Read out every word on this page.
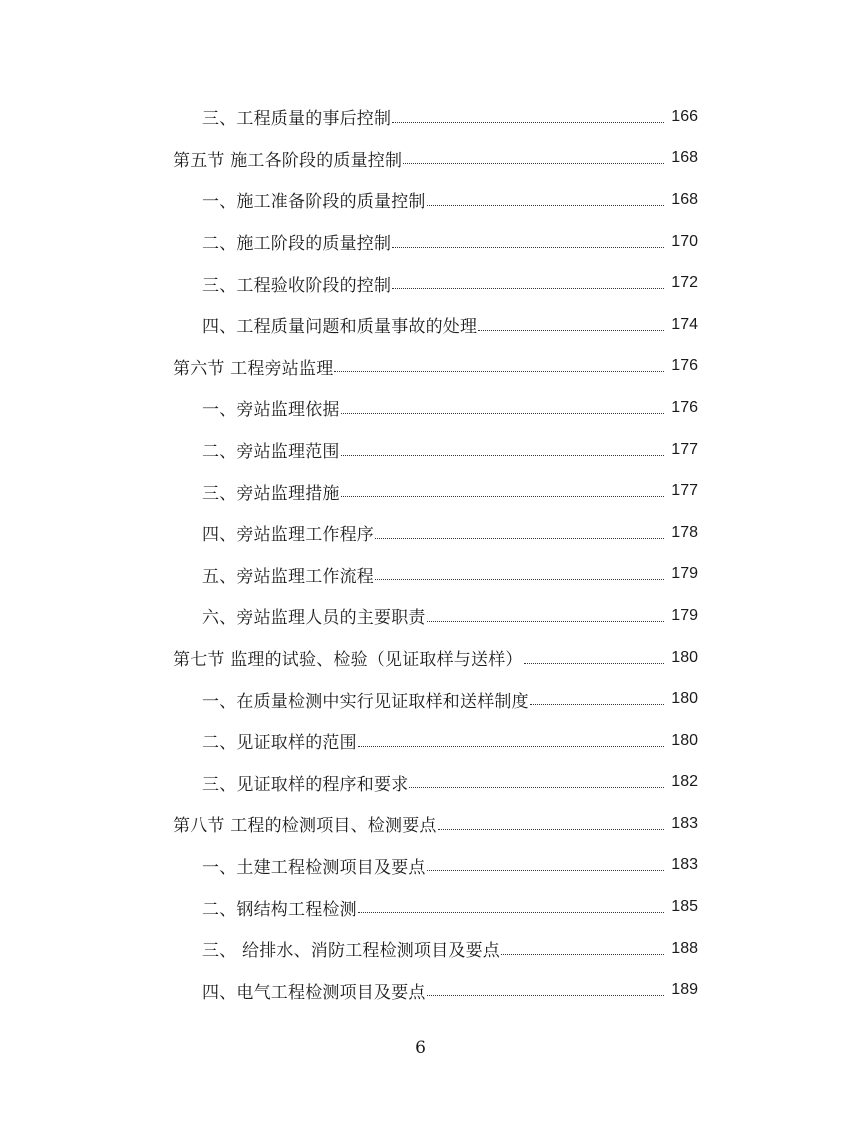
三、工程质量的事后控制	166
第五节 施工各阶段的质量控制	168
一、施工准备阶段的质量控制	168
二、施工阶段的质量控制	170
三、工程验收阶段的控制	172
四、工程质量问题和质量事故的处理	174
第六节 工程旁站监理	176
一、旁站监理依据	176
二、旁站监理范围	177
三、旁站监理措施	177
四、旁站监理工作程序	178
五、旁站监理工作流程	179
六、旁站监理人员的主要职责	179
第七节 监理的试验、检验（见证取样与送样）	180
一、在质量检测中实行见证取样和送样制度	180
二、见证取样的范围	180
三、见证取样的程序和要求	182
第八节 工程的检测项目、检测要点	183
一、土建工程检测项目及要点	183
二、钢结构工程检测	185
三、 给排水、消防工程检测项目及要点	188
四、电气工程检测项目及要点	189
6
